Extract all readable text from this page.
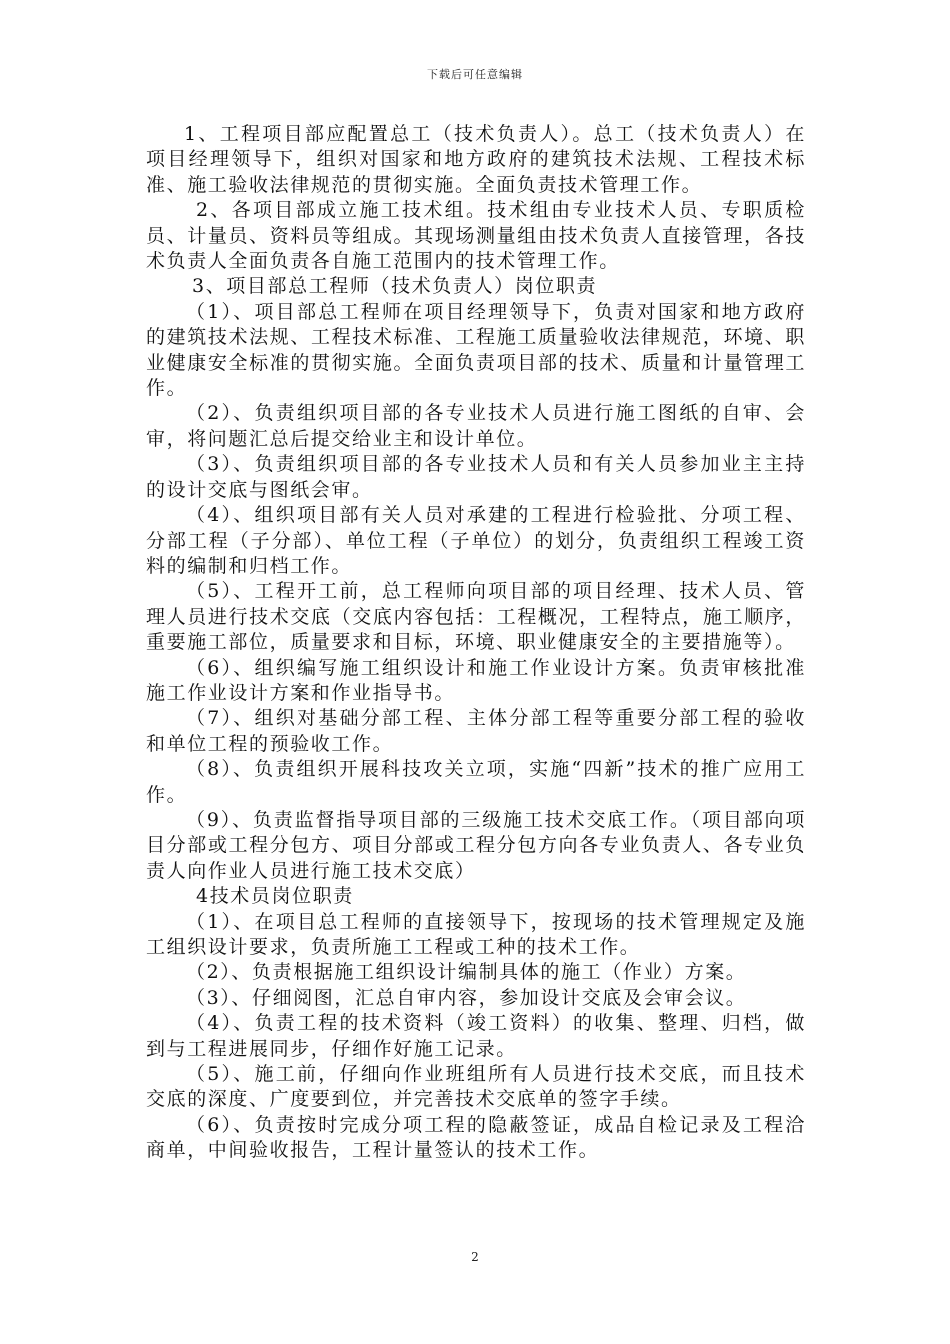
下载后可任意编辑

1、工程项目部应配置总工（技术负责人）。总工（技术负责人）在项目经理领导下，组织对国家和地方政府的建筑技术法规、工程技术标准、施工验收法律规范的贯彻实施。全面负责技术管理工作。

2、各项目部成立施工技术组。技术组由专业技术人员、专职质检员、计量员、资料员等组成。其现场测量组由技术负责人直接管理，各技术负责人全面负责各自施工范围内的技术管理工作。

3、项目部总工程师（技术负责人）岗位职责

（1）、项目部总工程师在项目经理领导下，负责对国家和地方政府的建筑技术法规、工程技术标准、工程施工质量验收法律规范，环境、职业健康安全标准的贯彻实施。全面负责项目部的技术、质量和计量管理工作。

（2）、负责组织项目部的各专业技术人员进行施工图纸的自审、会审，将问题汇总后提交给业主和设计单位。

（3）、负责组织项目部的各专业技术人员和有关人员参加业主主持的设计交底与图纸会审。

（4）、组织项目部有关人员对承建的工程进行检验批、分项工程、分部工程（子分部）、单位工程（子单位）的划分，负责组织工程竣工资料的编制和归档工作。

（5）、工程开工前，总工程师向项目部的项目经理、技术人员、管理人员进行技术交底（交底内容包括：工程概况，工程特点，施工顺序，重要施工部位，质量要求和目标，环境、职业健康安全的主要措施等）。

（6）、组织编写施工组织设计和施工作业设计方案。负责审核批准施工作业设计方案和作业指导书。

（7）、组织对基础分部工程、主体分部工程等重要分部工程的验收和单位工程的预验收工作。

（8）、负责组织开展科技攻关立项，实施“四新”技术的推广应用工作。

（9）、负责监督指导项目部的三级施工技术交底工作。（项目部向项目分部或工程分包方、项目分部或工程分包方向各专业负责人、各专业负责人向作业人员进行施工技术交底）

4技术员岗位职责

（1）、在项目总工程师的直接领导下，按现场的技术管理规定及施工组织设计要求，负责所施工工程或工种的技术工作。

（2）、负责根据施工组织设计编制具体的施工（作业）方案。

（3）、仔细阅图，汇总自审内容，参加设计交底及会审会议。

（4）、负责工程的技术资料（竣工资料）的收集、整理、归档，做到与工程进展同步，仔细作好施工记录。

（5）、施工前，仔细向作业班组所有人员进行技术交底，而且技术交底的深度、广度要到位，并完善技术交底单的签字手续。

（6）、负责按时完成分项工程的隐蔽签证，成品自检记录及工程洽商单，中间验收报告，工程计量签认的技术工作。

2
